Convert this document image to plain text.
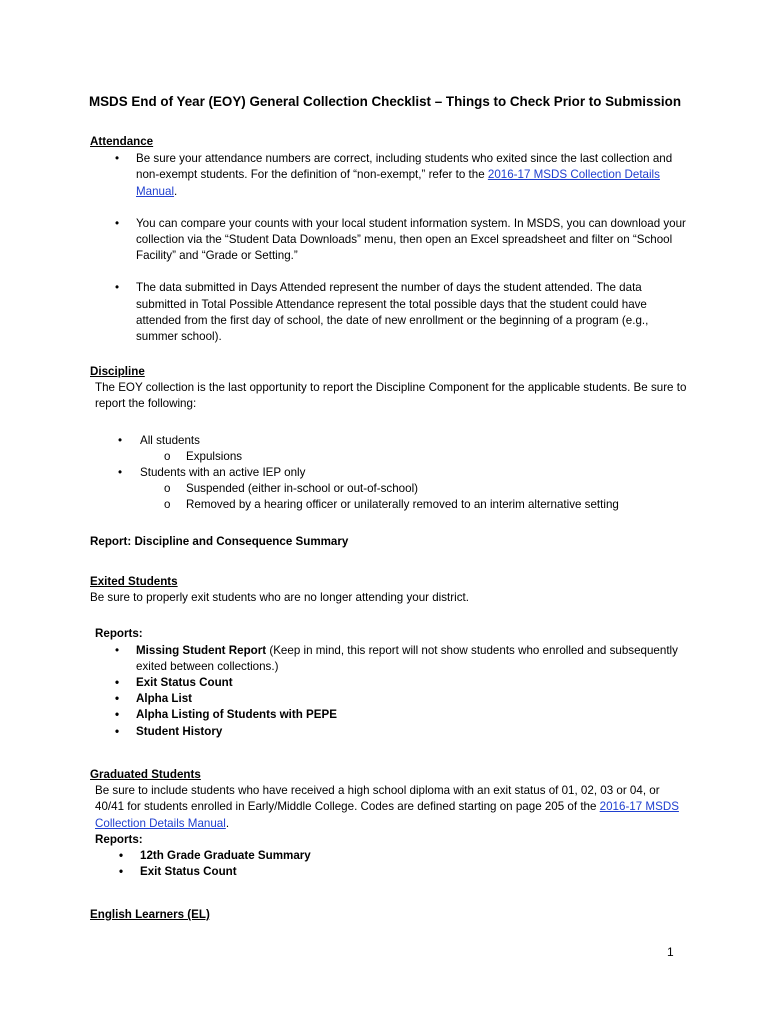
MSDS End of Year (EOY) General Collection Checklist – Things to Check Prior to Submission
Attendance
• Be sure your attendance numbers are correct, including students who exited since the last collection and non-exempt students. For the definition of “non-exempt,” refer to the 2016-17 MSDS Collection Details Manual.
• You can compare your counts with your local student information system. In MSDS, you can download your collection via the “Student Data Downloads” menu, then open an Excel spreadsheet and filter on “School Facility” and “Grade or Setting.”
• The data submitted in Days Attended represent the number of days the student attended. The data submitted in Total Possible Attendance represent the total possible days that the student could have attended from the first day of school, the date of new enrollment or the beginning of a program (e.g., summer school).
Discipline
The EOY collection is the last opportunity to report the Discipline Component for the applicable students. Be sure to report the following:
• All students
o Expulsions
• Students with an active IEP only
o Suspended (either in-school or out-of-school)
o Removed by a hearing officer or unilaterally removed to an interim alternative setting
Report: Discipline and Consequence Summary
Exited Students
Be sure to properly exit students who are no longer attending your district.
Reports:
• Missing Student Report (Keep in mind, this report will not show students who enrolled and subsequently exited between collections.)
• Exit Status Count
• Alpha List
• Alpha Listing of Students with PEPE
• Student History
Graduated Students
Be sure to include students who have received a high school diploma with an exit status of 01, 02, 03 or 04, or 40/41 for students enrolled in Early/Middle College. Codes are defined starting on page 205 of the 2016-17 MSDS Collection Details Manual.
Reports:
• 12th Grade Graduate Summary
• Exit Status Count
English Learners (EL)
1
